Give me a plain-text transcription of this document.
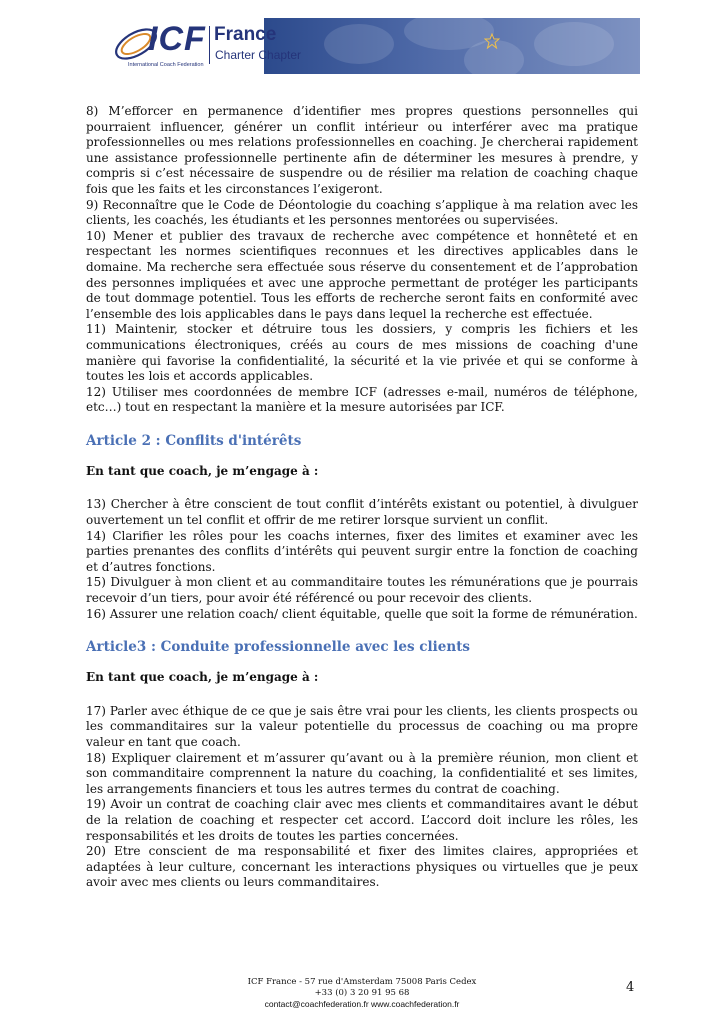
ICF
International Coach Federation
France
Charter Chapter

8) M’efforcer en permanence d’identifier mes propres questions personnelles qui pourraient influencer, générer un conflit intérieur ou interférer avec ma pratique professionnelles ou mes relations professionnelles en coaching. Je chercherai rapidement une assistance professionnelle pertinente afin de déterminer les mesures à prendre, y compris si c’est nécessaire de suspendre ou de résilier ma relation de coaching chaque fois que les faits et les circonstances l’exigeront.

9) Reconnaître que le Code de Déontologie du coaching s’applique à ma relation avec les clients, les coachés, les étudiants et les personnes mentorées ou supervisées.

10) Mener et publier des travaux de recherche avec compétence et honnêteté et en respectant les normes scientifiques reconnues et les directives applicables dans le domaine. Ma recherche sera effectuée sous réserve du consentement et de l’approbation des personnes impliquées et avec une approche permettant de protéger les participants de tout dommage potentiel. Tous les efforts de recherche seront faits en conformité avec l’ensemble des lois applicables dans le pays dans lequel la recherche est effectuée.

11) Maintenir, stocker et détruire tous les dossiers, y compris les fichiers et les communications électroniques, créés au cours de mes missions de coaching d'une manière qui favorise la confidentialité, la sécurité et la vie privée et qui se conforme à toutes les lois et accords applicables.

12) Utiliser mes coordonnées de membre ICF (adresses e-mail, numéros de téléphone, etc…) tout en respectant la manière et la mesure autorisées par ICF.

Article 2 : Conflits d'intérêts

En tant que coach, je m’engage à :

13) Chercher à être conscient de tout conflit d’intérêts existant ou potentiel, à divulguer ouvertement un tel conflit et offrir de me retirer lorsque survient un conflit.

14) Clarifier les rôles pour les coachs internes, fixer des limites et examiner avec les parties prenantes des conflits d’intérêts qui peuvent surgir entre la fonction de coaching et d’autres fonctions.

15) Divulguer à mon client et au commanditaire toutes les rémunérations que je pourrais recevoir d’un tiers, pour avoir été référencé ou pour recevoir des clients.

16) Assurer une relation coach/ client équitable, quelle que soit la forme de rémunération.

Article3 : Conduite professionnelle avec les clients

En tant que coach, je m’engage à :

17) Parler avec éthique de ce que je sais être vrai pour les clients, les clients prospects ou les commanditaires sur la valeur potentielle du processus de coaching ou ma propre valeur en tant que coach.

18) Expliquer clairement et m’assurer qu’avant ou à la première réunion, mon client et son commanditaire comprennent la nature du coaching, la confidentialité et ses limites, les arrangements financiers et tous les autres termes du contrat de coaching.

19) Avoir un contrat de coaching clair avec mes clients et commanditaires avant le début de la relation de coaching et respecter cet accord. L’accord doit inclure les rôles, les responsabilités et les droits de toutes les parties concernées.

20) Etre conscient de ma responsabilité et fixer des limites claires, appropriées et adaptées à leur culture, concernant les interactions physiques ou virtuelles que je peux avoir avec mes clients ou leurs commanditaires.

ICF France - 57 rue d'Amsterdam 75008 Paris Cedex
+33 (0) 3 20 91 95 68
contact@coachfederation.fr www.coachfederation.fr
4
